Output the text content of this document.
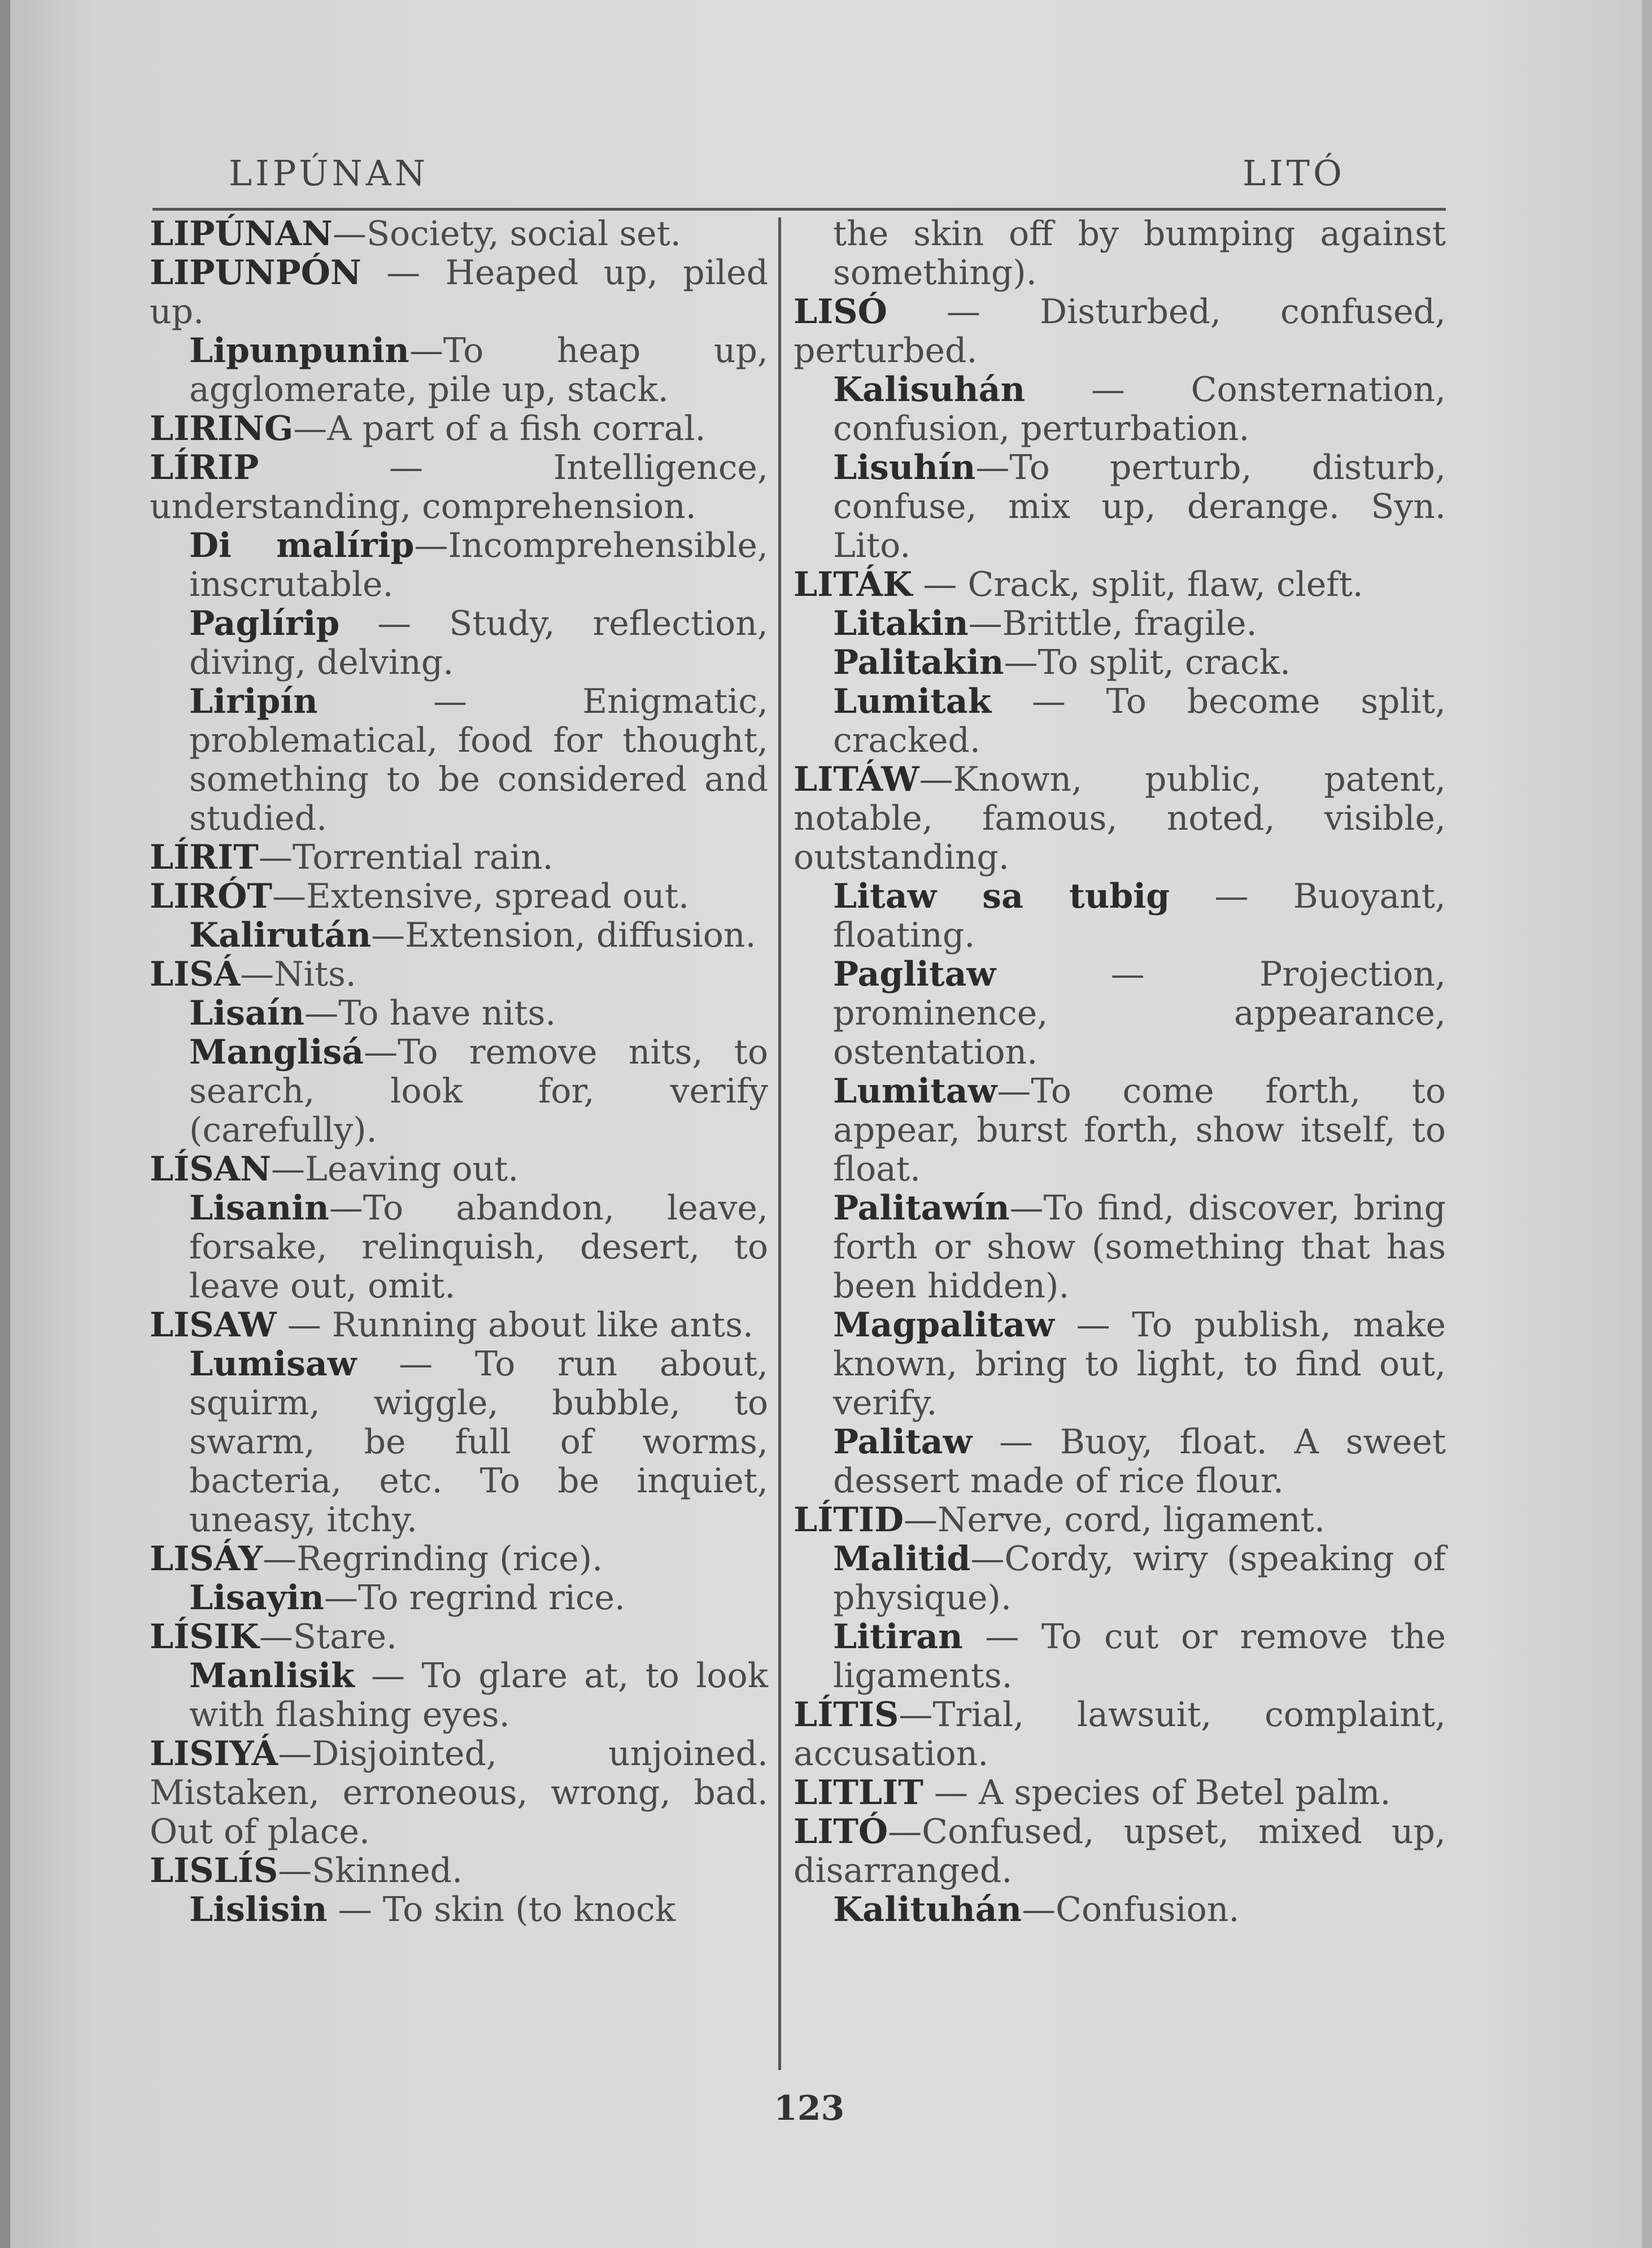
LIPÚNAN	LITÓ

LIPÚNAN—Society, social set.

LIPUNPÓN — Heaped up, piled up.

Lipunpunin—To heap up, agglomerate, pile up, stack.

LIRING—A part of a fish corral.

LÍRIP — Intelligence, understanding, comprehension.

Di malírip—Incomprehensible, inscrutable.

Paglírip — Study, reflection, diving, delving.

Liripín — Enigmatic, problematical, food for thought, something to be considered and studied.

LÍRIT—Torrential rain.

LIRÓT—Extensive, spread out.

Kalirután—Extension, diffusion.

LISÁ—Nits.

Lisaín—To have nits.

Manglisá—To remove nits, to search, look for, verify (carefully).

LÍSAN—Leaving out.

Lisanin—To abandon, leave, forsake, relinquish, desert, to leave out, omit.

LISAW — Running about like ants.

Lumisaw — To run about, squirm, wiggle, bubble, to swarm, be full of worms, bacteria, etc. To be inquiet, uneasy, itchy.

LISÁY—Regrinding (rice).

Lisayin—To regrind rice.

LÍSIK—Stare.

Manlisik — To glare at, to look with flashing eyes.

LISIYÁ—Disjointed, unjoined. Mistaken, erroneous, wrong, bad. Out of place.

LISLÍS—Skinned.

Lislisin — To skin (to knock

the skin off by bumping against something).

LISÓ — Disturbed, confused, perturbed.

Kalisuhán — Consternation, confusion, perturbation.

Lisuhín—To perturb, disturb, confuse, mix up, derange. Syn. Lito.

LITÁK — Crack, split, flaw, cleft.

Litakin—Brittle, fragile.

Palitakin—To split, crack.

Lumitak — To become split, cracked.

LITÁW—Known, public, patent, notable, famous, noted, visible, outstanding.

Litaw sa tubig — Buoyant, floating.

Paglitaw — Projection, prominence, appearance, ostentation.

Lumitaw—To come forth, to appear, burst forth, show itself, to float.

Palitawín—To find, discover, bring forth or show (something that has been hidden).

Magpalitaw — To publish, make known, bring to light, to find out, verify.

Palitaw — Buoy, float. A sweet dessert made of rice flour.

LÍTID—Nerve, cord, ligament.

Malitid—Cordy, wiry (speaking of physique).

Litiran — To cut or remove the ligaments.

LÍTIS—Trial, lawsuit, complaint, accusation.

LITLIT — A species of Betel palm.

LITÓ—Confused, upset, mixed up, disarranged.

Kalituhán—Confusion.

123
